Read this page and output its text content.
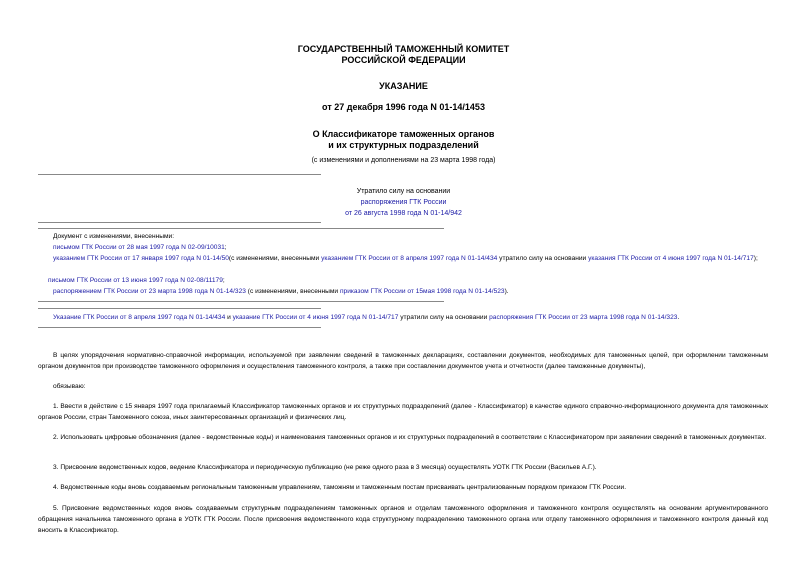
ГОСУДАРСТВЕННЫЙ ТАМОЖЕННЫЙ КОМИТЕТ
РОССИЙСКОЙ ФЕДЕРАЦИИ
УКАЗАНИЕ
от 27 декабря 1996 года N 01-14/1453
О Классификаторе таможенных органов
и их структурных подразделений
(с изменениями и дополнениями на 23 марта 1998 года)
Утратило силу на основании
распоряжения ГТК России
от 26 августа 1998 года N 01-14/942
Документ с изменениями, внесенными:
письмом ГТК России от 28 мая 1997 года N 02-09/10031;
указанием ГТК России от 17 января 1997 года N 01-14/50(с изменениями, внесенными указанием ГТК России от 8 апреля 1997 года N 01-14/434 утратило силу на основании указания ГТК России от 4 июня 1997 года N 01-14/717);
письмом ГТК России от 13 июня 1997 года N 02-08/11179;
распоряжением ГТК России от 23 марта 1998 года N 01-14/323 (с изменениями, внесенными приказом ГТК России от 15мая 1998 года N 01-14/523).
Указание ГТК России от 8 апреля 1997 года N 01-14/434 и указание ГТК России от 4 июня 1997 года N 01-14/717 утратили силу на основании распоряжения ГТК России от 23 марта 1998 года N 01-14/323.
В целях упорядочения нормативно-справочной информации, используемой при заявлении сведений в таможенных декларациях, составлении документов, необходимых для таможенных целей, при оформлении таможенным органом документов при производстве таможенного оформления и осуществления таможенного контроля, а также при составлении документов учета и отчетности (далее таможенные документы),
обязываю:
1. Ввести в действие с 15 января 1997 года прилагаемый Классификатор таможенных органов и их структурных подразделений (далее - Классификатор) в качестве единого справочно-информационного документа для таможенных органов России, стран Таможенного союза, иных заинтересованных организаций и физических лиц.
2. Использовать цифровые обозначения (далее - ведомственные коды) и наименования таможенных органов и их структурных подразделений в соответствии с Классификатором при заявлении сведений в таможенных документах.
3. Присвоение ведомственных кодов, ведение Классификатора и периодическую публикацию (не реже одного раза в 3 месяца) осуществлять УОТК ГТК России (Васильев А.Г.).
4. Ведомственные коды вновь создаваемым региональным таможенным управлениям, таможням и таможенным постам присваивать централизованным порядком приказом ГТК России.
5. Присвоение ведомственных кодов вновь создаваемым структурным подразделениям таможенных органов и отделам таможенного оформления и таможенного контроля осуществлять на основании аргументированного обращения начальника таможенного органа в УОТК ГТК России. После присвоения ведомственного кода структурному подразделению таможенного органа или отделу таможенного оформления и таможенного контроля данный код вносить в Классификатор.
